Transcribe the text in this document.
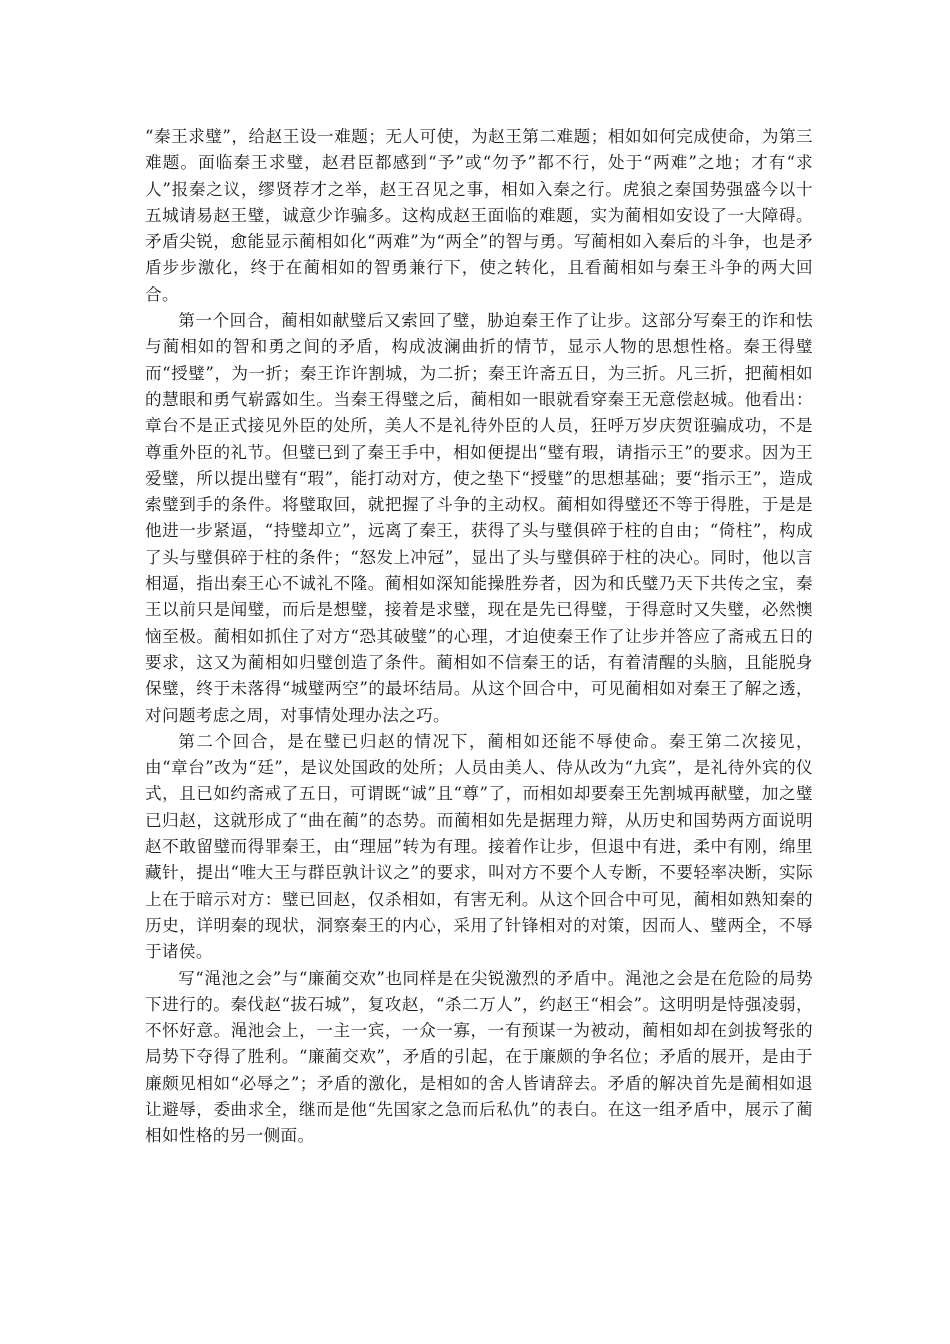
“秦王求璧”，给赵王设一难题；无人可使，为赵王第二难题；相如如何完成使命，为第三难题。面临秦王求璧，赵君臣都感到“予”或“勿予”都不行，处于“两难”之地；才有“求人”报秦之议，缪贤荐才之举，赵王召见之事，相如入秦之行。虎狼之秦国势强盛今以十五城请易赵王璧，诚意少诈骗多。这构成赵王面临的难题，实为蔺相如安设了一大障碍。矛盾尖锐，愈能显示蔺相如化“两难”为“两全”的智与勇。写蔺相如入秦后的斗争，也是矛盾步步激化，终于在蔺相如的智勇兼行下，使之转化，且看蔺相如与秦王斗争的两大回合。

第一个回合，蔺相如献璧后又索回了璧，胁迫秦王作了让步。这部分写秦王的诈和怯与蔺相如的智和勇之间的矛盾，构成波澜曲折的情节，显示人物的思想性格。秦王得璧而“授璧”，为一折；秦王诈许割城，为二折；秦王许斋五日，为三折。凡三折，把蔺相如的慧眼和勇气崭露如生。当秦王得璧之后，蔺相如一眼就看穿秦王无意偿赵城。他看出：章台不是正式接见外臣的处所，美人不是礼待外臣的人员，狂呼万岁庆贺诳骗成功，不是尊重外臣的礼节。但璧已到了秦王手中，相如便提出“璧有瑕，请指示王”的要求。因为王爱璧，所以提出璧有“瑕”，能打动对方，使之垫下“授璧”的思想基础；要“指示王”，造成索璧到手的条件。将璧取回，就把握了斗争的主动权。蔺相如得璧还不等于得胜，于是是他进一步紧逼，“持璧却立”，远离了秦王，获得了头与璧俱碎于柱的自由；“倚柱”，构成了头与璧俱碎于柱的条件；“怒发上冲冠”，显出了头与璧俱碎于柱的决心。同时，他以言相逼，指出秦王心不诚礼不隆。蔺相如深知能操胜券者，因为和氏璧乃天下共传之宝，秦王以前只是闻璧，而后是想璧，接着是求璧，现在是先已得璧，于得意时又失璧，必然懊恼至极。蔺相如抓住了对方“恐其破璧”的心理，才迫使秦王作了让步并答应了斋戒五日的要求，这又为蔺相如归璧创造了条件。蔺相如不信秦王的话，有着清醒的头脑，且能脱身保璧，终于未落得“城璧两空”的最坏结局。从这个回合中，可见蔺相如对秦王了解之透，对问题考虑之周，对事情处理办法之巧。

第二个回合，是在璧已归赵的情况下，蔺相如还能不辱使命。秦王第二次接见，由“章台”改为“廷”，是议处国政的处所；人员由美人、侍从改为“九宾”，是礼待外宾的仪式，且已如约斋戒了五日，可谓既“诚”且“尊”了，而相如却要秦王先割城再献璧，加之璧已归赵，这就形成了“曲在蔺”的态势。而蔺相如先是据理力辩，从历史和国势两方面说明赵不敢留璧而得罪秦王，由“理屈”转为有理。接着作让步，但退中有进，柔中有刚，绵里藏针，提出“唯大王与群臣孰计议之”的要求，叫对方不要个人专断，不要轻率决断，实际上在于暗示对方：璧已回赵，仅杀相如，有害无利。从这个回合中可见，蔺相如熟知秦的历史，详明秦的现状，洞察秦王的内心，采用了针锋相对的对策，因而人、璧两全，不辱于诸侯。

写“渑池之会”与“廉蔺交欢”也同样是在尖锐激烈的矛盾中。渑池之会是在危险的局势下进行的。秦伐赵“拔石城”，复攻赵，“杀二万人”，约赵王“相会”。这明明是恃强凌弱，不怀好意。渑池会上，一主一宾，一众一寡，一有预谋一为被动，蔺相如却在剑拔弩张的局势下夺得了胜利。“廉蔺交欢”，矛盾的引起，在于廉颇的争名位；矛盾的展开，是由于廉颇见相如“必辱之”；矛盾的激化，是相如的舍人皆请辞去。矛盾的解决首先是蔺相如退让避辱，委曲求全，继而是他“先国家之急而后私仇”的表白。在这一组矛盾中，展示了蔺相如性格的另一侧面。
